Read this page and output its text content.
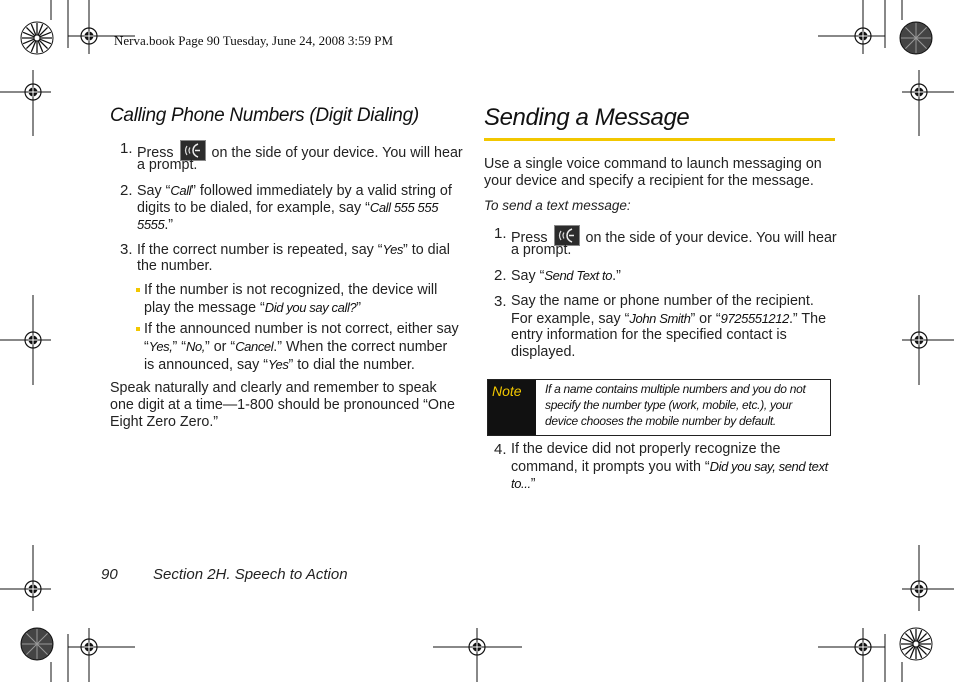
Nerva.book Page 90 Tuesday, June 24, 2008 3:59 PM
Calling Phone Numbers (Digit Dialing)
1. Press	on the side of your device. You will hear
a prompt.
2. Say “Call” followed immediately by a valid string of
digits to be dialed, for example, say “Call 555 555
5555.”
3. If the correct number is repeated, say “Yes” to dial
the number.
If the number is not recognized, the device will
play the message “Did you say call?”
If the announced number is not correct, either say
“Yes,” “No,” or “Cancel.” When the correct number
is announced, say “Yes” to dial the number.
Speak naturally and clearly and remember to speak
one digit at a time—1-800 should be pronounced “One
Eight Zero Zero.”
Sending a Message
Use a single voice command to launch messaging on
your device and specify a recipient for the message.
To send a text message:
1. Press	on the side of your device. You will hear
a prompt.
2. Say “Send Text to.”
3. Say the name or phone number of the recipient.
For example, say “John Smith” or “9725551212.” The
entry information for the specified contact is
displayed.
Note	If a name contains multiple numbers and you do not
specify the number type (work, mobile, etc.), your
device chooses the mobile number by default.
4. If the device did not properly recognize the
command, it prompts you with “Did you say, send text
to...”
90 Section 2H. Speech to Action
